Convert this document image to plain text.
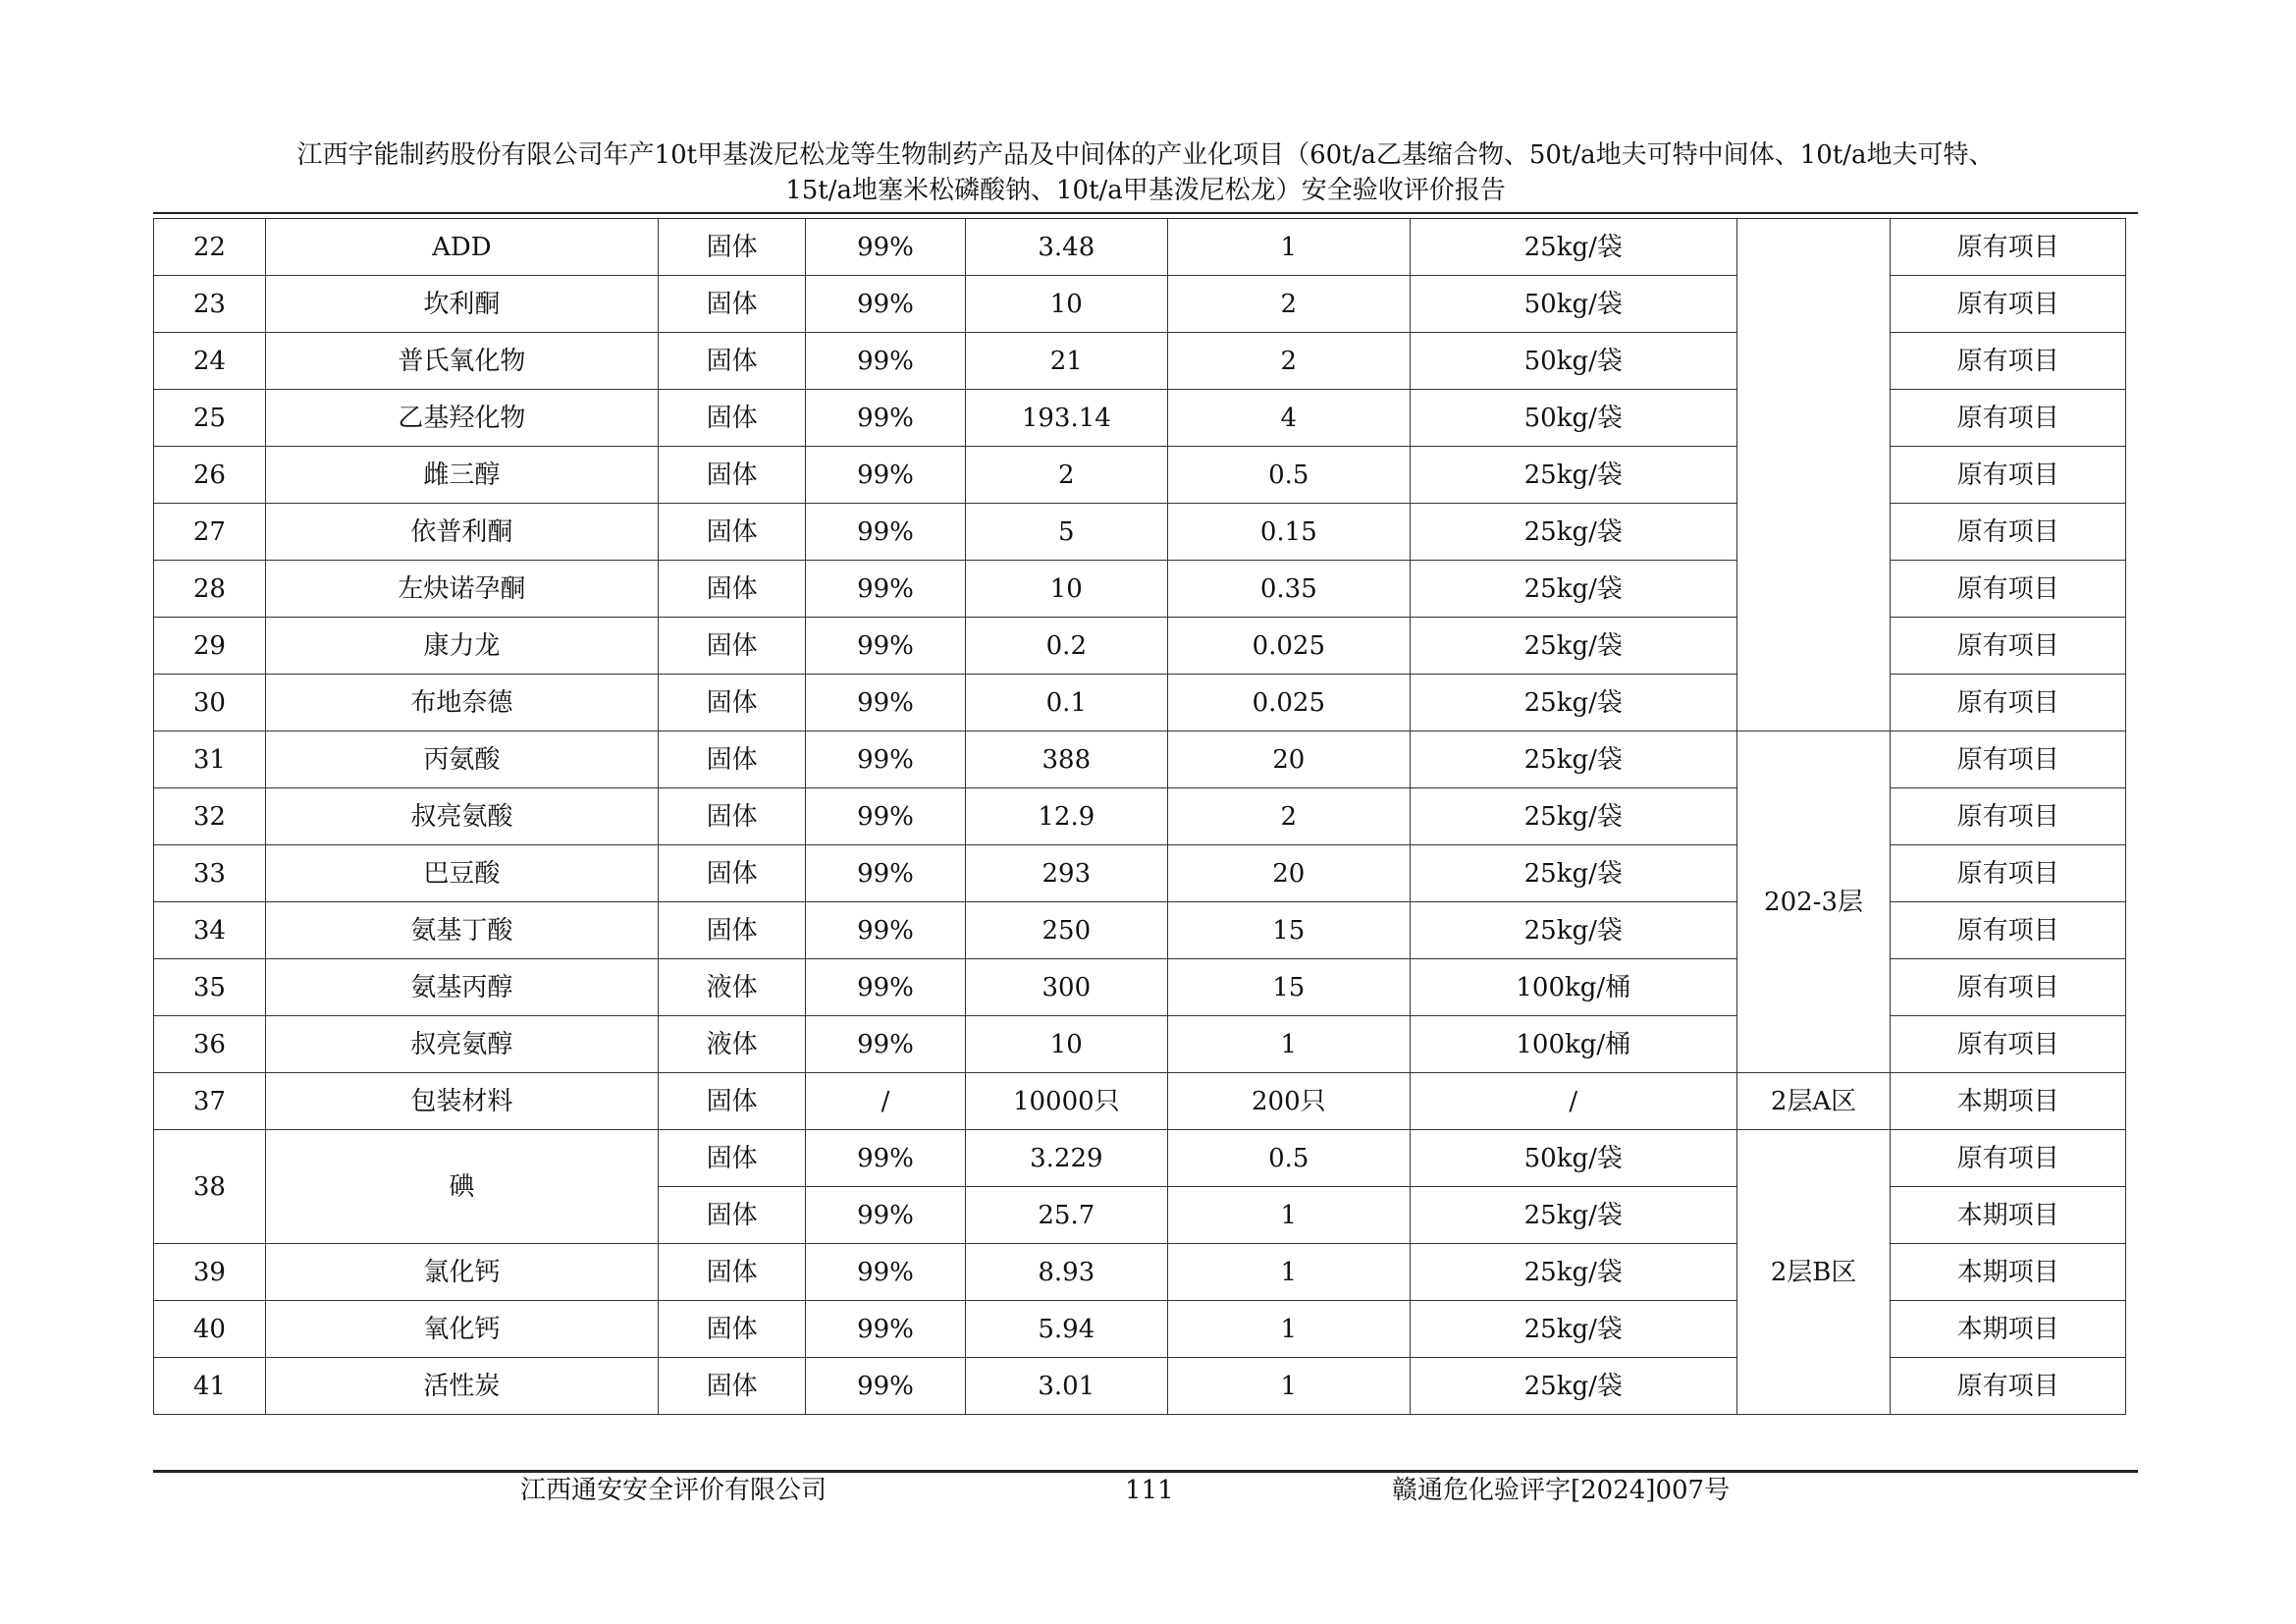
江西宇能制药股份有限公司年产10t甲基泼尼松龙等生物制药产品及中间体的产业化项目（60t/a乙基缩合物、50t/a地夫可特中间体、10t/a地夫可特、
15t/a地塞米松磷酸钠、10t/a甲基泼尼松龙）安全验收评价报告
22	ADD	固体	99%	3.48	1	25kg/袋		原有项目
23	坎利酮	固体	99%	10	2	50kg/袋		原有项目
24	普氏氧化物	固体	99%	21	2	50kg/袋		原有项目
25	乙基羟化物	固体	99%	193.14	4	50kg/袋		原有项目
26	雌三醇	固体	99%	2	0.5	25kg/袋		原有项目
27	依普利酮	固体	99%	5	0.15	25kg/袋		原有项目
28	左炔诺孕酮	固体	99%	10	0.35	25kg/袋		原有项目
29	康力龙	固体	99%	0.2	0.025	25kg/袋		原有项目
30	布地奈德	固体	99%	0.1	0.025	25kg/袋		原有项目
31	丙氨酸	固体	99%	388	20	25kg/袋	202-3层	原有项目
32	叔亮氨酸	固体	99%	12.9	2	25kg/袋		原有项目
33	巴豆酸	固体	99%	293	20	25kg/袋		原有项目
34	氨基丁酸	固体	99%	250	15	25kg/袋		原有项目
35	氨基丙醇	液体	99%	300	15	100kg/桶		原有项目
36	叔亮氨醇	液体	99%	10	1	100kg/桶		原有项目
37	包装材料	固体	/	10000只	200只	/	2层A区	本期项目
38	碘	固体	99%	3.229	0.5	50kg/袋	2层B区	原有项目
		固体	99%	25.7	1	25kg/袋		本期项目
39	氯化钙	固体	99%	8.93	1	25kg/袋		本期项目
40	氧化钙	固体	99%	5.94	1	25kg/袋		本期项目
41	活性炭	固体	99%	3.01	1	25kg/袋		原有项目
江西通安安全评价有限公司	111	赣通危化验评字[2024]007号
